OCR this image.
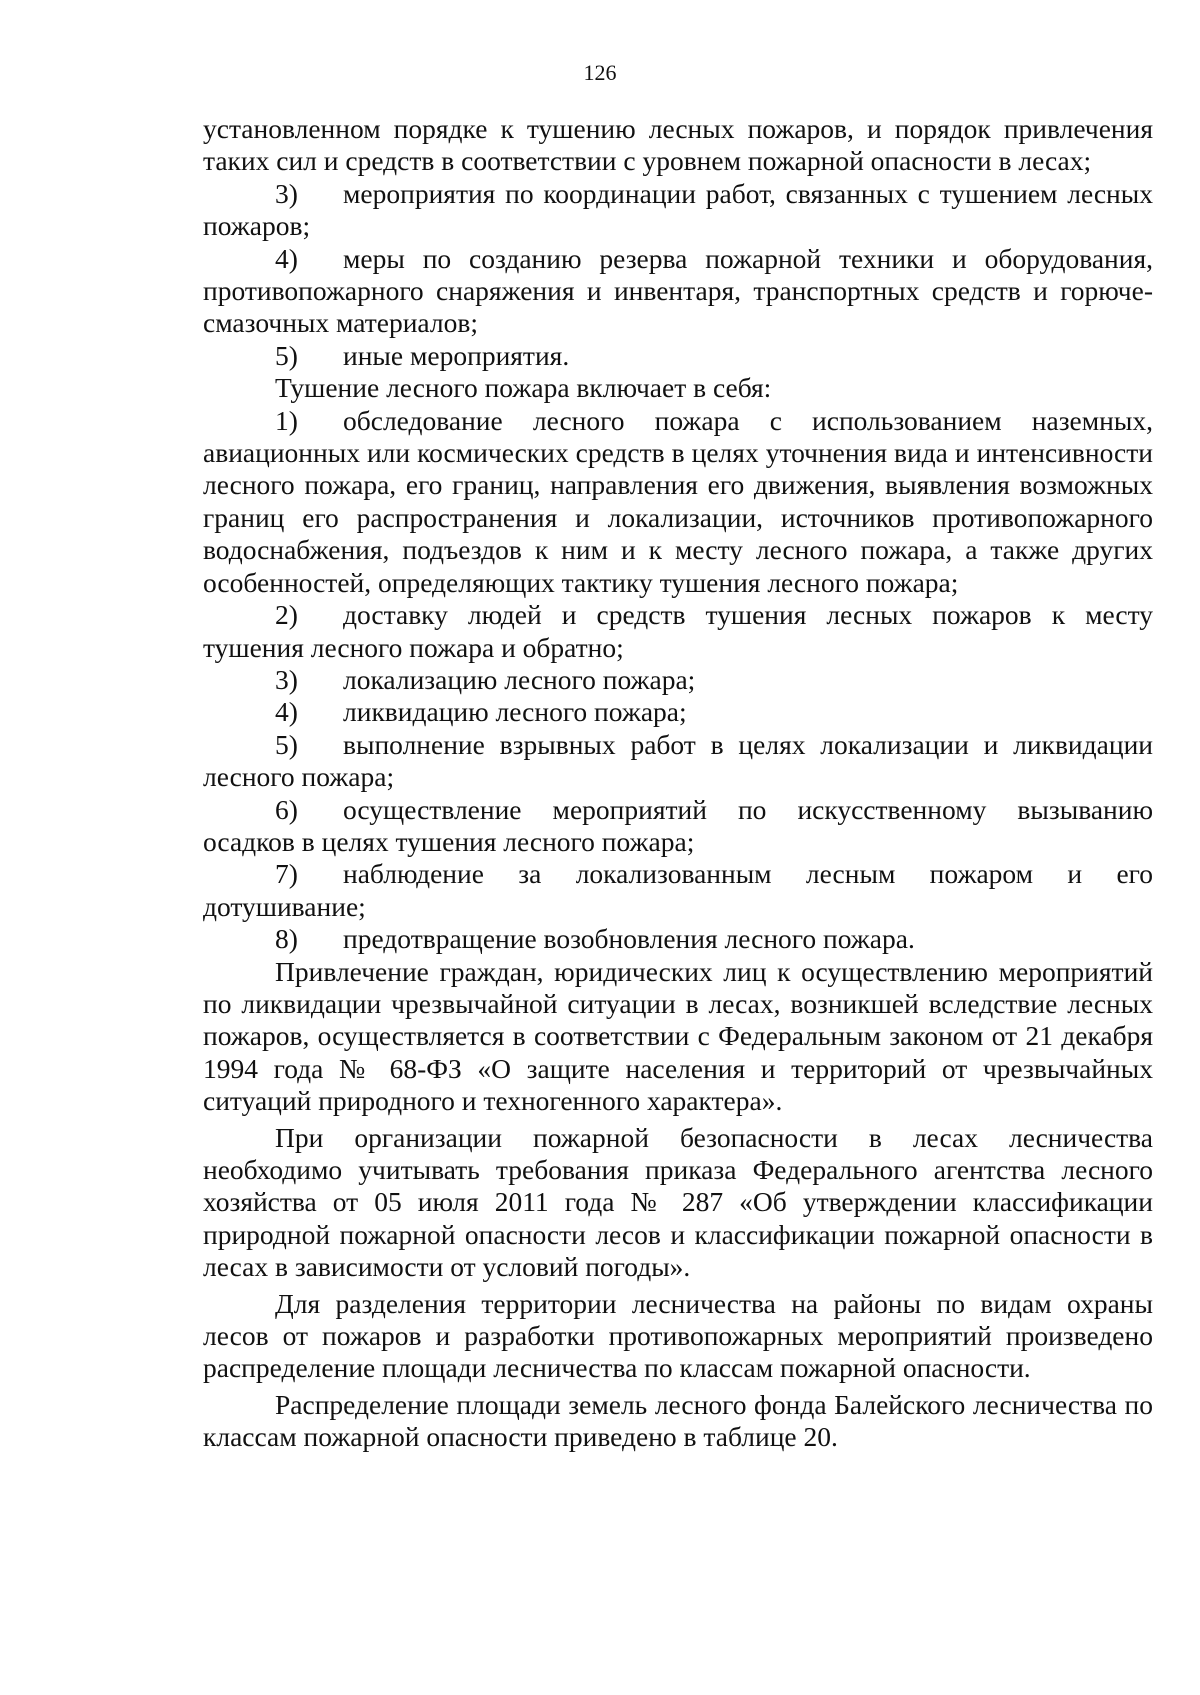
126

установленном порядке к тушению лесных пожаров, и порядок привлечения таких сил и средств в соответствии с уровнем пожарной опасности в лесах;

3) мероприятия по координации работ, связанных с тушением лесных пожаров;

4) меры по созданию резерва пожарной техники и оборудования, противопожарного снаряжения и инвентаря, транспортных средств и горюче-смазочных материалов;

5) иные мероприятия.

Тушение лесного пожара включает в себя:

1) обследование лесного пожара с использованием наземных, авиационных или космических средств в целях уточнения вида и интенсивности лесного пожара, его границ, направления его движения, выявления возможных границ его распространения и локализации, источников противопожарного водоснабжения, подъездов к ним и к месту лесного пожара, а также других особенностей, определяющих тактику тушения лесного пожара;

2) доставку людей и средств тушения лесных пожаров к месту тушения лесного пожара и обратно;

3) локализацию лесного пожара;

4) ликвидацию лесного пожара;

5) выполнение взрывных работ в целях локализации и ликвидации лесного пожара;

6) осуществление мероприятий по искусственному вызыванию осадков в целях тушения лесного пожара;

7) наблюдение за локализованным лесным пожаром и его дотушивание;

8) предотвращение возобновления лесного пожара.

Привлечение граждан, юридических лиц к осуществлению мероприятий по ликвидации чрезвычайной ситуации в лесах, возникшей вследствие лесных пожаров, осуществляется в соответствии с Федеральным законом от 21 декабря 1994 года № 68-ФЗ «О защите населения и территорий от чрезвычайных ситуаций природного и техногенного характера».

При организации пожарной безопасности в лесах лесничества необходимо учитывать требования приказа Федерального агентства лесного хозяйства от 05 июля 2011 года № 287 «Об утверждении классификации природной пожарной опасности лесов и классификации пожарной опасности в лесах в зависимости от условий погоды».

Для разделения территории лесничества на районы по видам охраны лесов от пожаров и разработки противопожарных мероприятий произведено распределение площади лесничества по классам пожарной опасности.

Распределение площади земель лесного фонда Балейского лесничества по классам пожарной опасности приведено в таблице 20.
